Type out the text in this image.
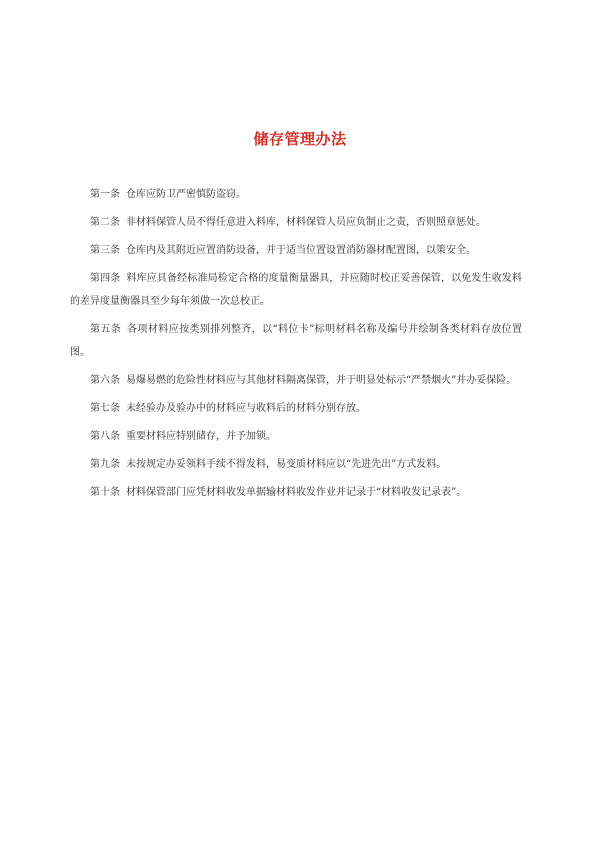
储存管理办法

第一条 仓库应防卫严密慎防盗窃。

第二条 非材料保管人员不得任意进入料库，材料保管人员应负制止之责，否则照章惩处。

第三条 仓库内及其附近应置消防设备，并于适当位置设置消防器材配置图，以策安全。

第四条 料库应具备经标准局检定合格的度量衡量器具，并应随时校正妥善保管，以免发生收发料的差异度量衡器具至少每年须做一次总校正。

第五条 各项材料应按类别排列整齐，以“料位卡”标明材料名称及编号并绘制各类材料存放位置图。

第六条 易爆易燃的危险性材料应与其他材料隔离保管，并于明显处标示“严禁烟火”并办妥保险。

第七条 未经验办及验办中的材料应与收料后的材料分别存放。

第八条 重要材料应特别储存，并予加锁。

第九条 未按规定办妥领料手续不得发料，易变质材料应以“先进先出”方式发料。

第十条 材料保管部门应凭材料收发单据输材料收发作业并记录于“材料收发记录表”。
